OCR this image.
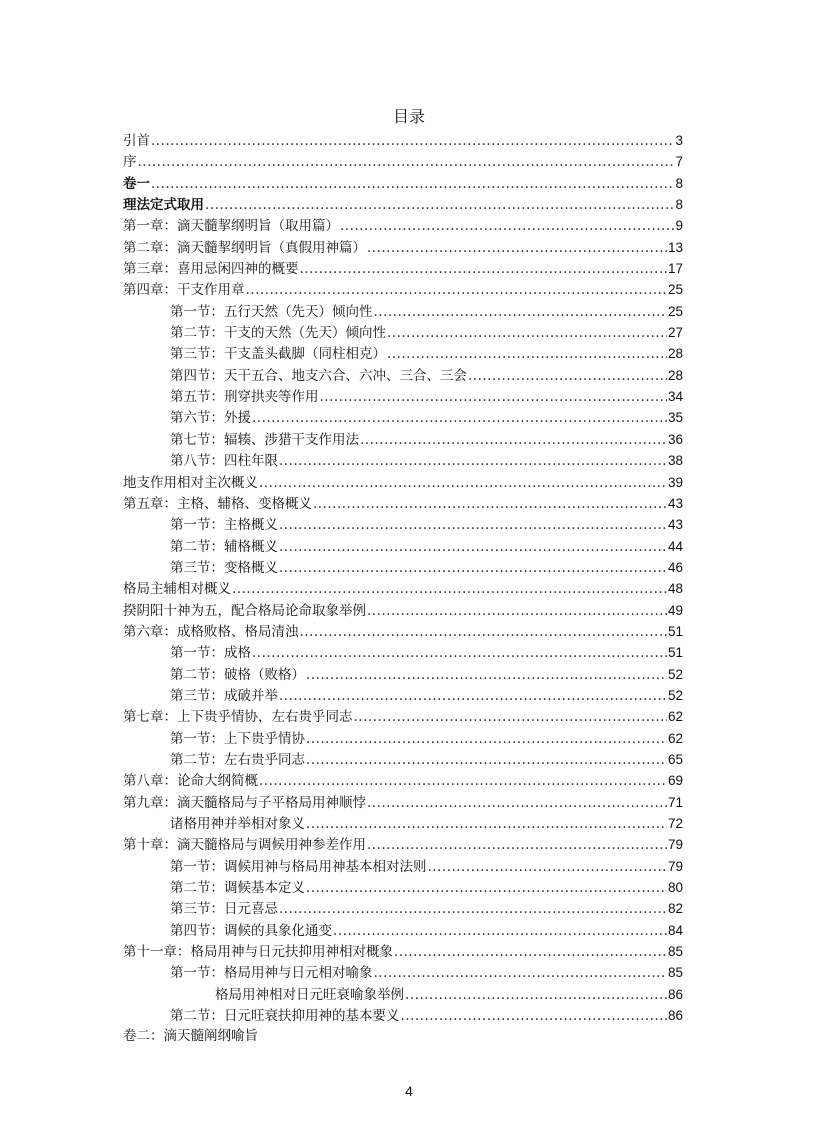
目录
引首 .....	3
序 .....	7
卷一 .....	8
理法定式取用 .....	8
第一章：滴天髓挈纲明旨（取用篇） .....	9
第二章：滴天髓挈纲明旨（真假用神篇） .....	13
第三章：喜用忌闲四神的概要 .....	17
第四章：干支作用章 .....	25
第一节：五行天然（先天）倾向性 .....	25
第二节：干支的天然（先天）倾向性 .....	27
第三节：干支盖头截脚（同柱相克） .....	28
第四节：天干五合、地支六合、六冲、三合、三会 .....	28
第五节：刑穿拱夹等作用 .....	34
第六节：外援 .....	35
第七节：辐辏、涉猎干支作用法 .....	36
第八节：四柱年限 .....	38
地支作用相对主次概义 .....	39
第五章：主格、辅格、变格概义 .....	43
第一节：主格概义 .....	43
第二节：辅格概义 .....	44
第三节：变格概义 .....	46
格局主辅相对概义 .....	48
揆阴阳十神为五，配合格局论命取象举例 .....	49
第六章：成格败格、格局清浊 .....	51
第一节：成格 .....	51
第二节：破格（败格） .....	52
第三节：成破并举 .....	52
第七章：上下贵乎情协，左右贵乎同志 .....	62
第一节：上下贵乎情协 .....	62
第二节：左右贵乎同志 .....	65
第八章：论命大纲简概 .....	69
第九章：滴天髓格局与子平格局用神顺悖 .....	71
诸格用神并举相对象义 .....	72
第十章：滴天髓格局与调候用神参差作用 .....	79
第一节：调候用神与格局用神基本相对法则 .....	79
第二节：调候基本定义 .....	80
第三节：日元喜忌 .....	82
第四节：调候的具象化通变 .....	84
第十一章：格局用神与日元扶抑用神相对概象 .....	85
第一节：格局用神与日元相对喻象 .....	85
格局用神相对日元旺衰喻象举例 .....	86
第二节：日元旺衰扶抑用神的基本要义 .....	86
卷二：滴天髓阐纲喻旨
4
